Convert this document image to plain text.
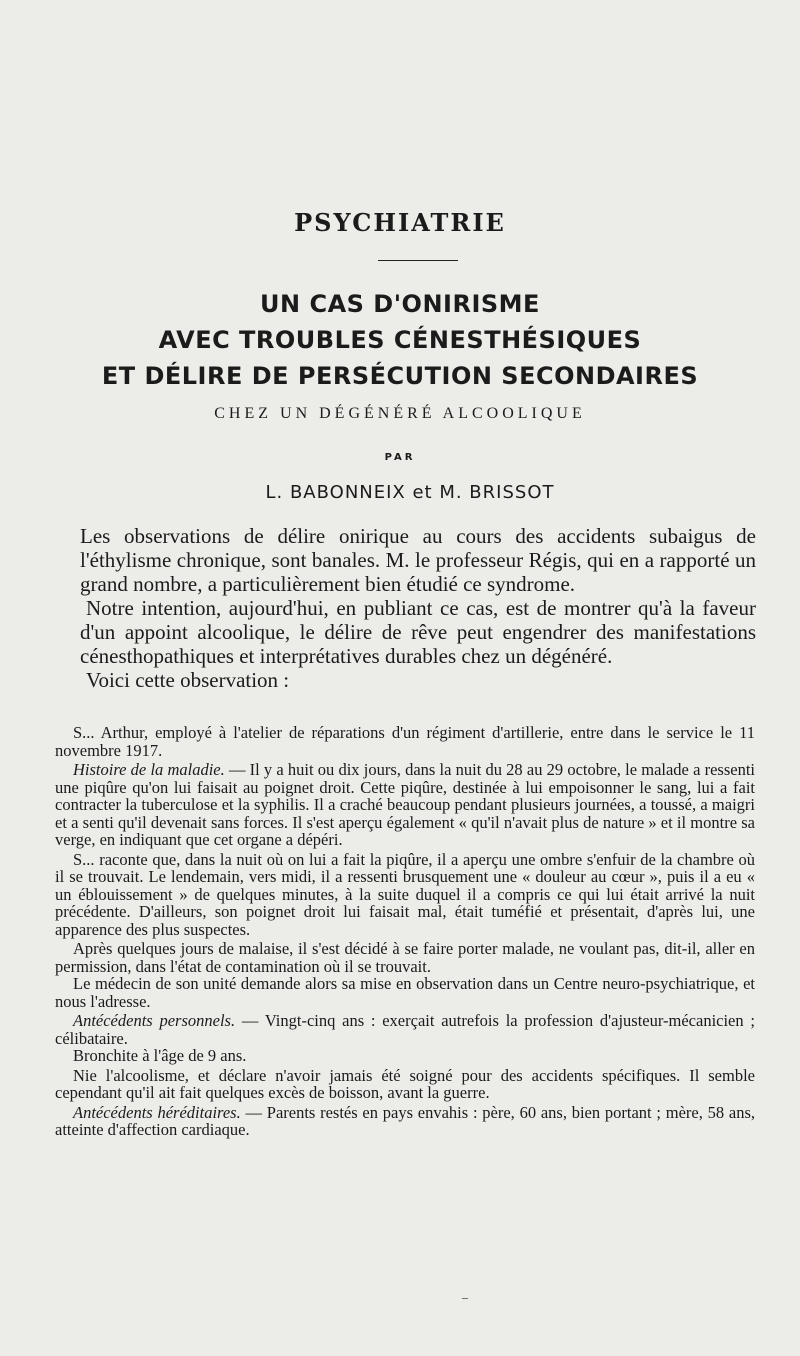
PSYCHIATRIE
UN CAS D'ONIRISME
AVEC TROUBLES CÉNESTHÉSIQUES
ET DÉLIRE DE PERSÉCUTION SECONDAIRES
CHEZ UN DÉGÉNÉRÉ ALCOOLIQUE
PAR
L. BABONNEIX et M. BRISSOT

Les observations de délire onirique au cours des accidents subaigus de l'éthylisme chronique, sont banales. M. le professeur Régis, qui en a rapporté un grand nombre, a particulièrement bien étudié ce syndrome.

Notre intention, aujourd'hui, en publiant ce cas, est de montrer qu'à la faveur d'un appoint alcoolique, le délire de rêve peut engendrer des manifestations cénesthopathiques et interprétatives durables chez un dégénéré.

Voici cette observation :

S... Arthur, employé à l'atelier de réparations d'un régiment d'artillerie, entre dans le service le 11 novembre 1917.

Histoire de la maladie. — Il y a huit ou dix jours, dans la nuit du 28 au 29 octobre, le malade a ressenti une piqûre qu'on lui faisait au poignet droit. Cette piqûre, destinée à lui empoisonner le sang, lui a fait contracter la tuberculose et la syphilis. Il a craché beaucoup pendant plusieurs journées, a toussé, a maigri et a senti qu'il devenait sans forces. Il s'est aperçu également « qu'il n'avait plus de nature » et il montre sa verge, en indiquant que cet organe a dépéri.

S... raconte que, dans la nuit où on lui a fait la piqûre, il a aperçu une ombre s'enfuir de la chambre où il se trouvait. Le lendemain, vers midi, il a ressenti brusquement une « douleur au cœur », puis il a eu « un éblouissement » de quelques minutes, à la suite duquel il a compris ce qui lui était arrivé la nuit précédente. D'ailleurs, son poignet droit lui faisait mal, était tuméfié et présentait, d'après lui, une apparence des plus suspectes.

Après quelques jours de malaise, il s'est décidé à se faire porter malade, ne voulant pas, dit-il, aller en permission, dans l'état de contamination où il se trouvait.

Le médecin de son unité demande alors sa mise en observation dans un Centre neuro-psychiatrique, et nous l'adresse.

Antécédents personnels. — Vingt-cinq ans : exerçait autrefois la profession d'ajusteur-mécanicien ; célibataire.

Bronchite à l'âge de 9 ans.

Nie l'alcoolisme, et déclare n'avoir jamais été soigné pour des accidents spécifiques. Il semble cependant qu'il ait fait quelques excès de boisson, avant la guerre.

Antécédents héréditaires. — Parents restés en pays envahis : père, 60 ans, bien portant ; mère, 58 ans, atteinte d'affection cardiaque.

–
